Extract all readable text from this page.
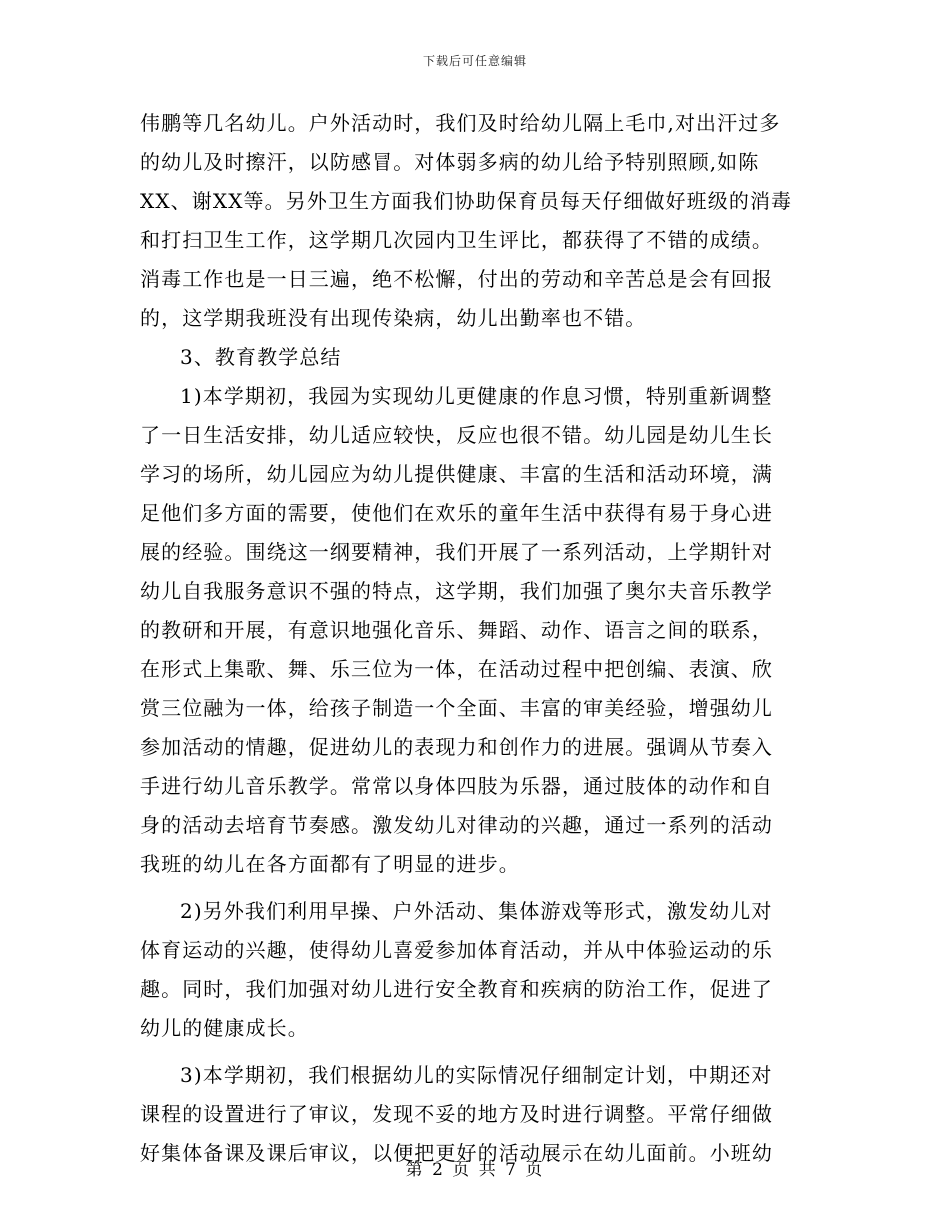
下载后可任意编辑
伟鹏等几名幼儿。户外活动时，我们及时给幼儿隔上毛巾,对出汗过多
的幼儿及时擦汗，以防感冒。对体弱多病的幼儿给予特别照顾,如陈
XX、谢XX等。另外卫生方面我们协助保育员每天仔细做好班级的消毒
和打扫卫生工作，这学期几次园内卫生评比，都获得了不错的成绩。
消毒工作也是一日三遍，绝不松懈，付出的劳动和辛苦总是会有回报
的，这学期我班没有出现传染病，幼儿出勤率也不错。
3、教育教学总结
1)本学期初，我园为实现幼儿更健康的作息习惯，特别重新调整
了一日生活安排，幼儿适应较快，反应也很不错。幼儿园是幼儿生长
学习的场所，幼儿园应为幼儿提供健康、丰富的生活和活动环境，满
足他们多方面的需要，使他们在欢乐的童年生活中获得有易于身心进
展的经验。围绕这一纲要精神，我们开展了一系列活动，上学期针对
幼儿自我服务意识不强的特点，这学期，我们加强了奥尔夫音乐教学
的教研和开展，有意识地强化音乐、舞蹈、动作、语言之间的联系，
在形式上集歌、舞、乐三位为一体，在活动过程中把创编、表演、欣
赏三位融为一体，给孩子制造一个全面、丰富的审美经验，增强幼儿
参加活动的情趣，促进幼儿的表现力和创作力的进展。强调从节奏入
手进行幼儿音乐教学。常常以身体四肢为乐器，通过肢体的动作和自
身的活动去培育节奏感。激发幼儿对律动的兴趣，通过一系列的活动
我班的幼儿在各方面都有了明显的进步。
2)另外我们利用早操、户外活动、集体游戏等形式，激发幼儿对
体育运动的兴趣，使得幼儿喜爱参加体育活动，并从中体验运动的乐
趣。同时，我们加强对幼儿进行安全教育和疾病的防治工作，促进了
幼儿的健康成长。
3)本学期初，我们根据幼儿的实际情况仔细制定计划，中期还对
课程的设置进行了审议，发现不妥的地方及时进行调整。平常仔细做
好集体备课及课后审议，以便把更好的活动展示在幼儿面前。小班幼
第 2 页 共 7 页
